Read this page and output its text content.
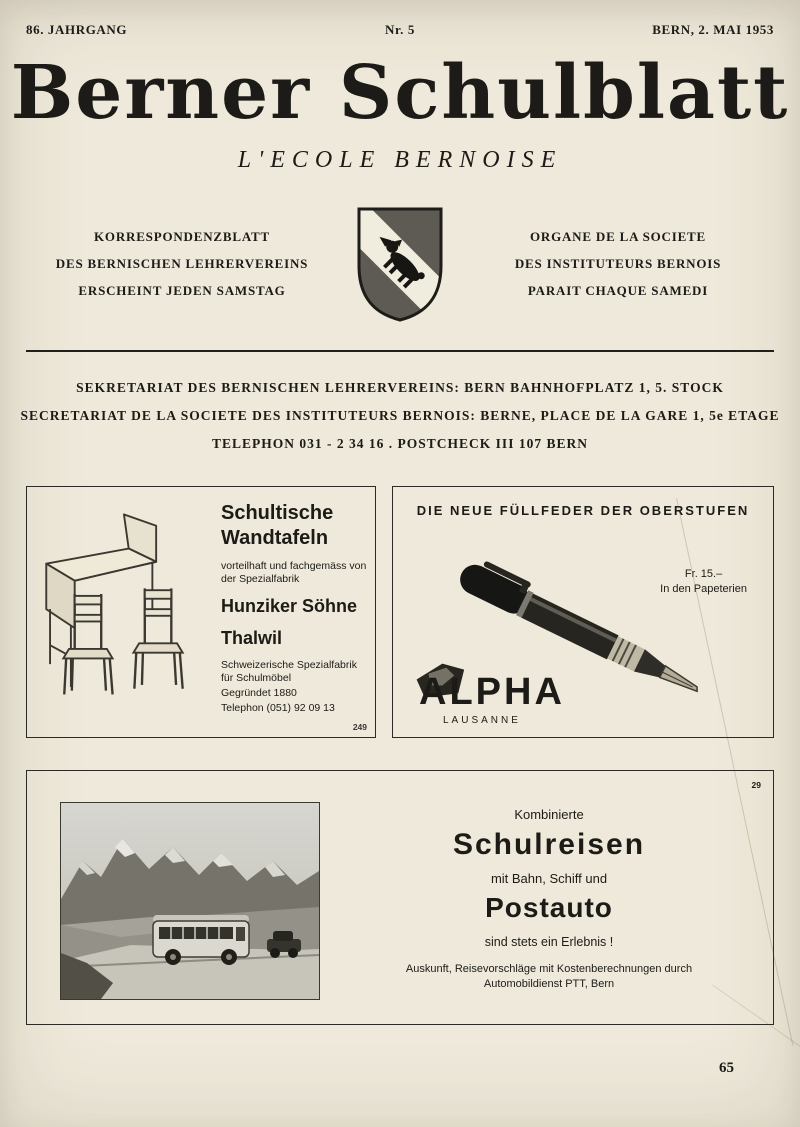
86. JAHRGANG	Nr. 5	BERN, 2. MAI 1953
Berner Schulblatt
L'ECOLE BERNOISE
KORRESPONDENZBLATT
DES BERNISCHEN LEHRERVEREINS
ERSCHEINT JEDEN SAMSTAG
ORGANE DE LA SOCIETE
DES INSTITUTEURS BERNOIS
PARAIT CHAQUE SAMEDI
SEKRETARIAT DES BERNISCHEN LEHRERVEREINS: BERN BAHNHOFPLATZ 1, 5. STOCK
SECRETARIAT DE LA SOCIETE DES INSTITUTEURS BERNOIS: BERNE, PLACE DE LA GARE 1, 5e ETAGE
TELEPHON 031 - 2 34 16 . POSTCHECK III 107 BERN
Schultische
Wandtafeln
vorteilhaft und fachgemäss von der Spezialfabrik
Hunziker Söhne
Thalwil
Schweizerische Spezialfabrik für Schulmöbel
Gegründet 1880
Telephon (051) 92 09 13
249
DIE NEUE FÜLLFEDER DER OBERSTUFEN
Fr. 15.–
In den Papeterien
ALPHA
LAUSANNE
29
Kombinierte
Schulreisen
mit Bahn, Schiff und
Postauto
sind stets ein Erlebnis !
Auskunft, Reisevorschläge mit Kostenberechnungen durch
Automobildienst PTT, Bern
65
